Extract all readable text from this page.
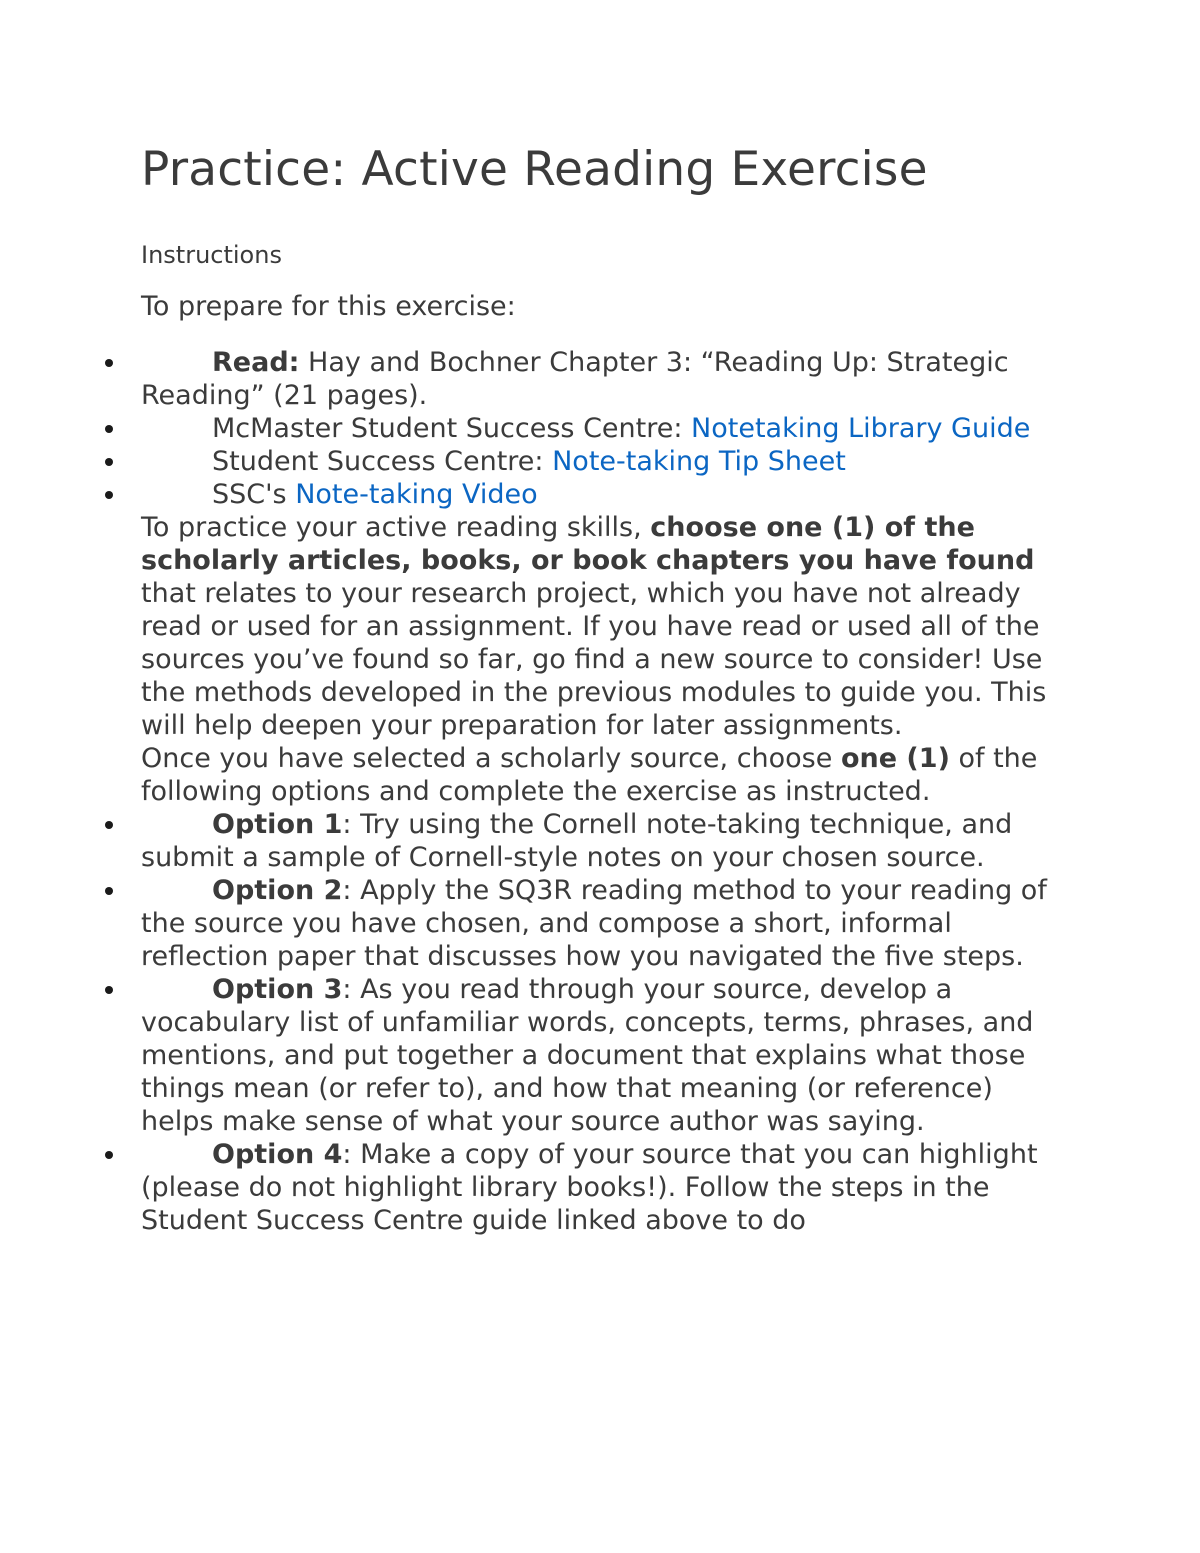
Practice: Active Reading Exercise
Instructions

To prepare for this exercise:

Read: Hay and Bochner Chapter 3: “Reading Up: Strategic Reading” (21 pages).
McMaster Student Success Centre: Notetaking Library Guide
Student Success Centre: Note-taking Tip Sheet
SSC's Note-taking Video

To practice your active reading skills, choose one (1) of the scholarly articles, books, or book chapters you have found that relates to your research project, which you have not already read or used for an assignment. If you have read or used all of the sources you’ve found so far, go find a new source to consider! Use the methods developed in the previous modules to guide you. This will help deepen your preparation for later assignments.

Once you have selected a scholarly source, choose one (1) of the following options and complete the exercise as instructed.

Option 1: Try using the Cornell note-taking technique, and submit a sample of Cornell-style notes on your chosen source.
Option 2: Apply the SQ3R reading method to your reading of the source you have chosen, and compose a short, informal reflection paper that discusses how you navigated the five steps.
Option 3: As you read through your source, develop a vocabulary list of unfamiliar words, concepts, terms, phrases, and mentions, and put together a document that explains what those things mean (or refer to), and how that meaning (or reference) helps make sense of what your source author was saying.
Option 4: Make a copy of your source that you can highlight (please do not highlight library books!). Follow the steps in the Student Success Centre guide linked above to do
